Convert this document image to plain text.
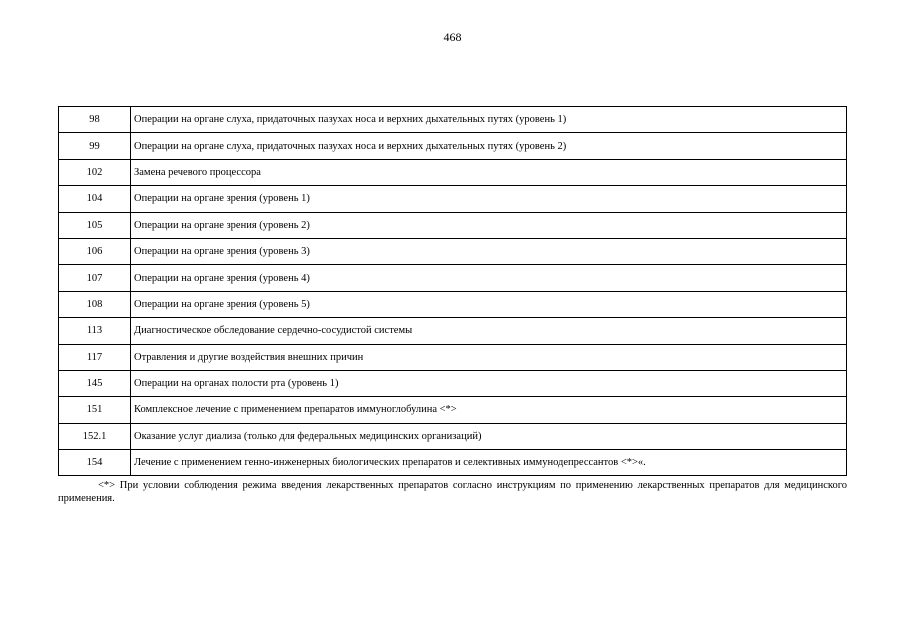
468
98	Операции на органе слуха, придаточных пазухах носа и верхних дыхательных путях (уровень 1)
99	Операции на органе слуха, придаточных пазухах носа и верхних дыхательных путях (уровень 2)
102	Замена речевого процессора
104	Операции на органе зрения (уровень 1)
105	Операции на органе зрения (уровень 2)
106	Операции на органе зрения (уровень 3)
107	Операции на органе зрения (уровень 4)
108	Операции на органе зрения (уровень 5)
113	Диагностическое обследование сердечно-сосудистой системы
117	Отравления и другие воздействия внешних причин
145	Операции на органах полости рта (уровень 1)
151	Комплексное лечение с применением препаратов иммуноглобулина <*>
152.1	Оказание услуг диализа (только для федеральных медицинских организаций)
154	Лечение с применением генно-инженерных биологических препаратов и селективных иммунодепрессантов <*>«.
<*> При условии соблюдения режима введения лекарственных препаратов согласно инструкциям по применению лекарственных препаратов для медицинского применения.
